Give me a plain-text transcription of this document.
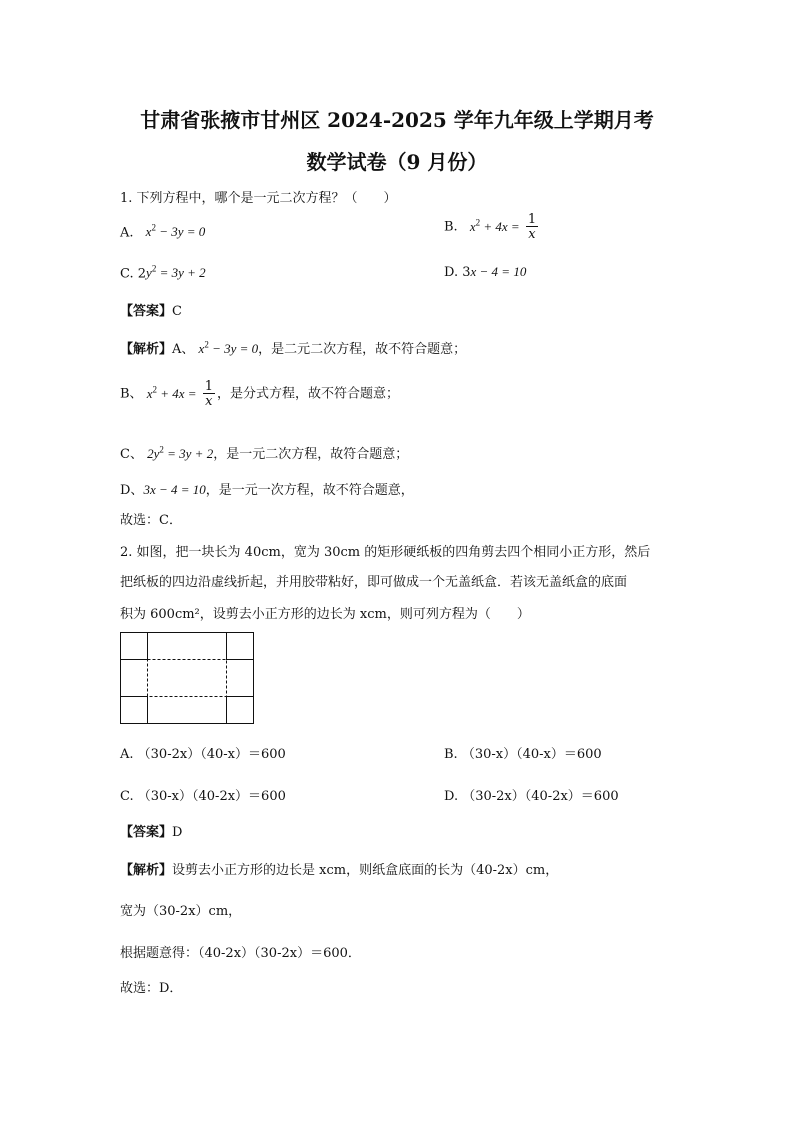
甘肃省张掖市甘州区 2024-2025 学年九年级上学期月考
数学试卷（9 月份）
1. 下列方程中，哪个是一元二次方程？（　　）
A. $x^2 - 3y = 0$	B. $x^2 + 4x = \frac{1}{x}$
C. $2y^2 = 3y + 2$	D. 3x − 4 = 10
【答案】C
【解析】A、 $x^2 - 3y = 0$，是二元二次方程，故不符合题意；
B、 $x^2 + 4x = \frac{1}{x}$ ，是分式方程，故不符合题意；
C、 $2y^2 = 3y + 2$，是一元二次方程，故符合题意；
D、3x − 4 = 10，是一元一次方程，故不符合题意，
故选：C．
2. 如图，把一块长为 40cm，宽为 30cm 的矩形硬纸板的四角剪去四个相同小正方形，然后
把纸板的四边沿虚线折起，并用胶带粘好，即可做成一个无盖纸盒．若该无盖纸盒的底面
积为 600cm²，设剪去小正方形的边长为 xcm，则可列方程为（　　）
A. （30-2x）（40-x）＝600	B. （30-x）（40-x）＝600
C. （30-x）（40-2x）＝600	D. （30-2x）（40-2x）＝600
【答案】D
【解析】设剪去小正方形的边长是 xcm，则纸盒底面的长为（40-2x）cm，
宽为（30-2x）cm，
根据题意得：（40-2x）（30-2x）＝600．
故选：D．
